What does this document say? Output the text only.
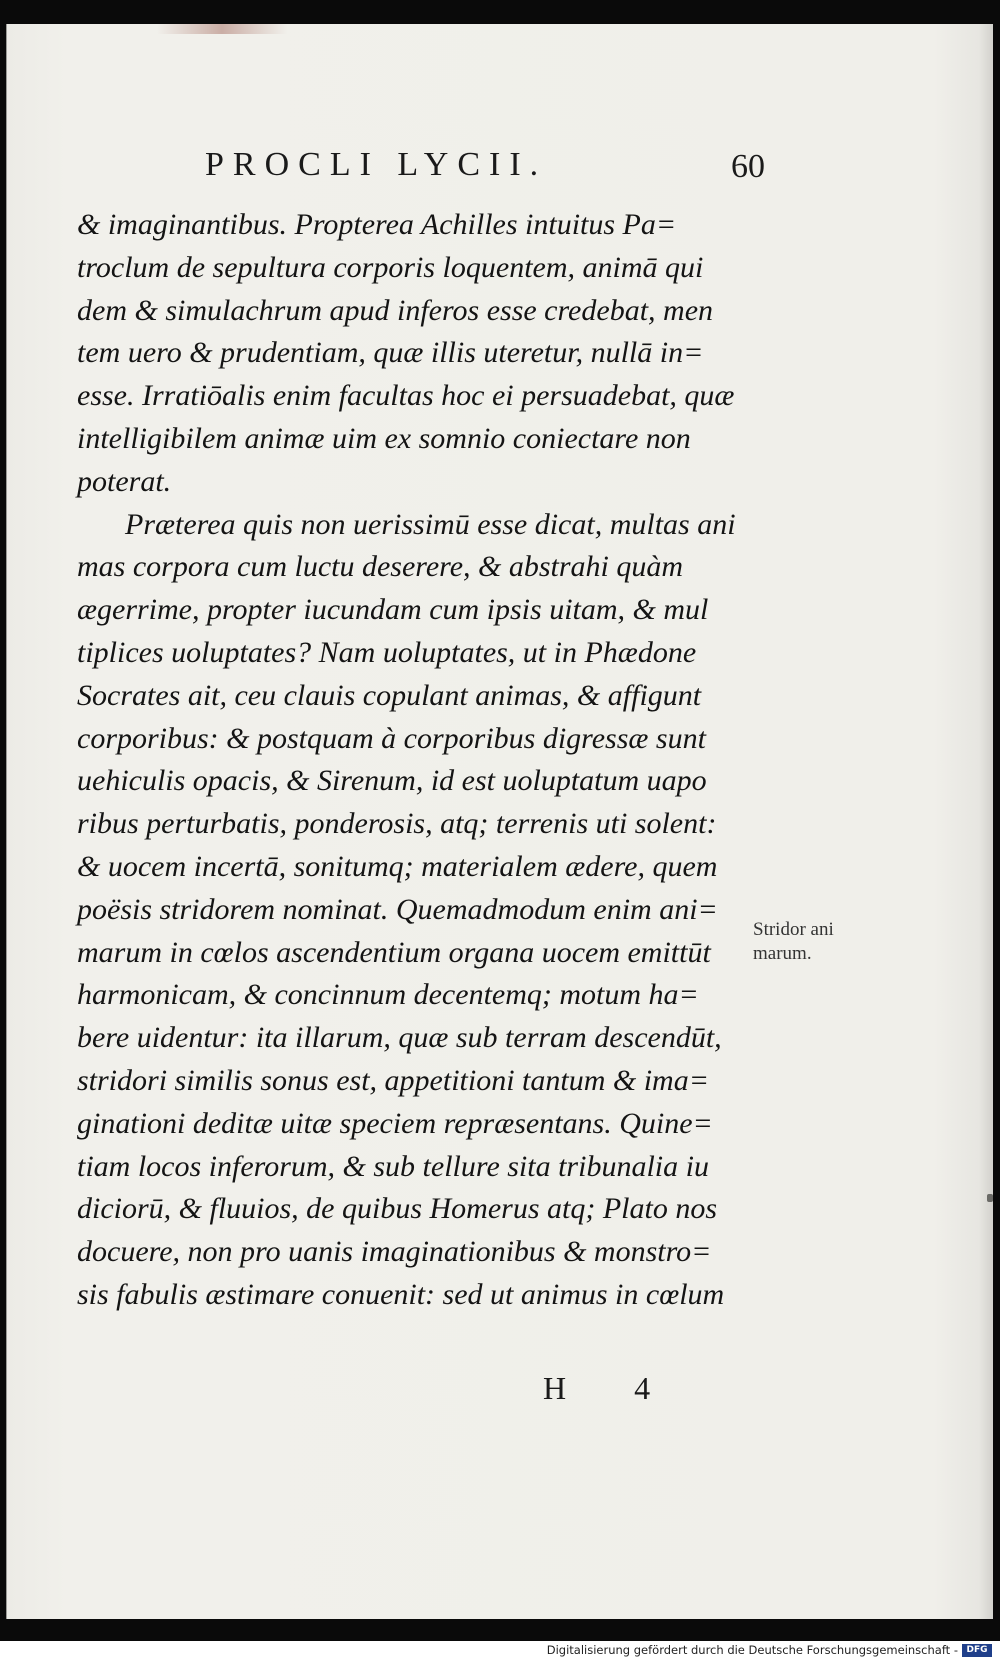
PROCLI LYCII.	60
& imaginantibus. Propterea Achilles intuitus Pa=
troclum de sepultura corporis loquentem, animā qui
dem & simulachrum apud inferos esse credebat, men
tem uero & prudentiam, quæ illis uteretur, nullā in=
esse. Irratiōalis enim facultas hoc ei persuadebat, quæ
intelligibilem animæ uim ex somnio coniectare non
poterat.
Præterea quis non uerissimū esse dicat, multas ani
mas corpora cum luctu deserere, & abstrahi quàm
ægerrime, propter iucundam cum ipsis uitam, & mul
tiplices uoluptates? Nam uoluptates, ut in Phædone
Socrates ait, ceu clauis copulant animas, & affigunt
corporibus: & postquam à corporibus digressæ sunt
uehiculis opacis, & Sirenum, id est uoluptatum uapo
ribus perturbatis, ponderosis, atq; terrenis uti solent:
& uocem incertā, sonitumq; materialem ædere, quem
poësis stridorem nominat. Quemadmodum enim ani=
marum in cœlos ascendentium organa uocem emittūt
harmonicam, & concinnum decentemq; motum ha=
bere uidentur: ita illarum, quæ sub terram descendūt,
stridori similis sonus est, appetitioni tantum & ima=
ginationi deditæ uitæ speciem repræsentans. Quine=
tiam locos inferorum, & sub tellure sita tribunalia iu
diciorū, & fluuios, de quibus Homerus atq; Plato nos
docuere, non pro uanis imaginationibus & monstro=
sis fabulis æstimare conuenit: sed ut animus in cœlum
Stridor ani
marum.
H 4
Digitalisierung gefördert durch die Deutsche Forschungsgemeinschaft - DFG
